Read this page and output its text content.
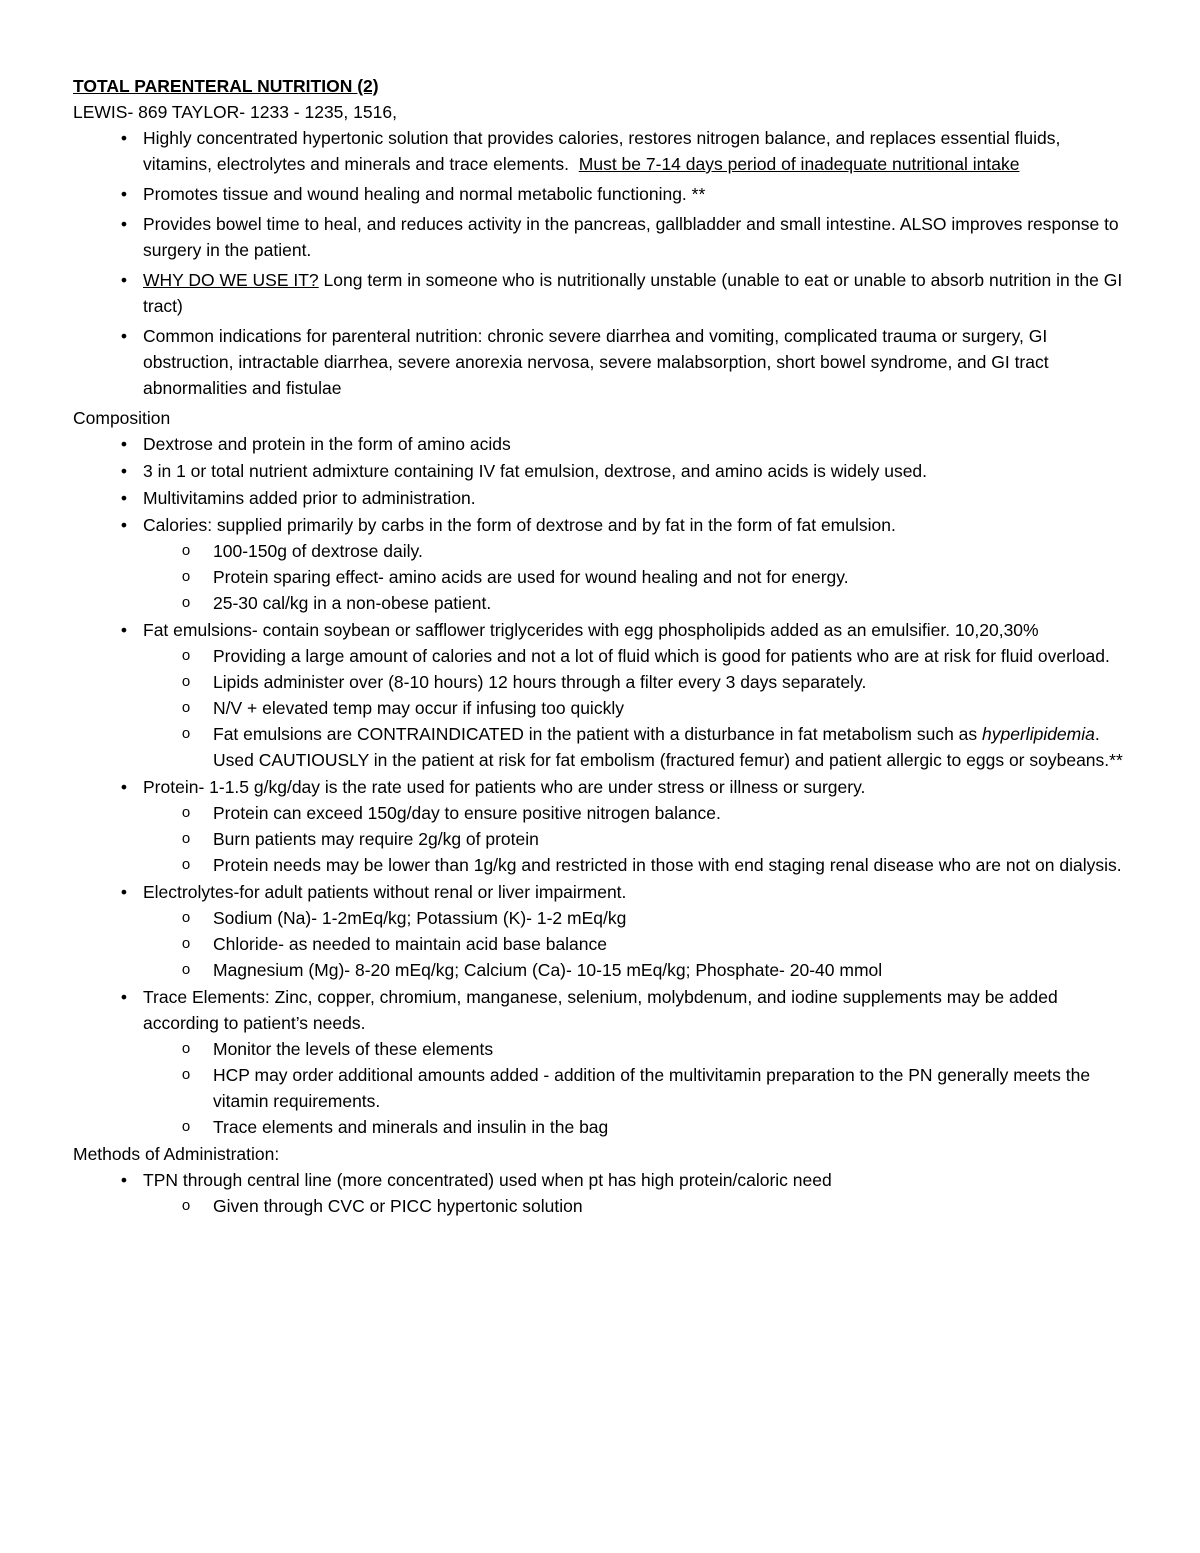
TOTAL PARENTERAL NUTRITION (2)
LEWIS- 869 TAYLOR- 1233 - 1235, 1516,
• Highly concentrated hypertonic solution that provides calories, restores nitrogen balance, and replaces essential fluids, vitamins, electrolytes and minerals and trace elements. Must be 7-14 days period of inadequate nutritional intake
• Promotes tissue and wound healing and normal metabolic functioning. **
• Provides bowel time to heal, and reduces activity in the pancreas, gallbladder and small intestine. ALSO improves response to surgery in the patient.
• WHY DO WE USE IT? Long term in someone who is nutritionally unstable (unable to eat or unable to absorb nutrition in the GI tract)
• Common indications for parenteral nutrition: chronic severe diarrhea and vomiting, complicated trauma or surgery, GI obstruction, intractable diarrhea, severe anorexia nervosa, severe malabsorption, short bowel syndrome, and GI tract abnormalities and fistulae
Composition
• Dextrose and protein in the form of amino acids
• 3 in 1 or total nutrient admixture containing IV fat emulsion, dextrose, and amino acids is widely used.
• Multivitamins added prior to administration.
• Calories: supplied primarily by carbs in the form of dextrose and by fat in the form of fat emulsion.
o 100-150g of dextrose daily.
o Protein sparing effect- amino acids are used for wound healing and not for energy.
o 25-30 cal/kg in a non-obese patient.
• Fat emulsions- contain soybean or safflower triglycerides with egg phospholipids added as an emulsifier. 10,20,30%
o Providing a large amount of calories and not a lot of fluid which is good for patients who are at risk for fluid overload.
o Lipids administer over (8-10 hours) 12 hours through a filter every 3 days separately.
o N/V + elevated temp may occur if infusing too quickly
o Fat emulsions are CONTRAINDICATED in the patient with a disturbance in fat metabolism such as hyperlipidemia. Used CAUTIOUSLY in the patient at risk for fat embolism (fractured femur) and patient allergic to eggs or soybeans.**
• Protein- 1-1.5 g/kg/day is the rate used for patients who are under stress or illness or surgery.
o Protein can exceed 150g/day to ensure positive nitrogen balance.
o Burn patients may require 2g/kg of protein
o Protein needs may be lower than 1g/kg and restricted in those with end staging renal disease who are not on dialysis.
• Electrolytes-for adult patients without renal or liver impairment.
o Sodium (Na)- 1-2mEq/kg; Potassium (K)- 1-2 mEq/kg
o Chloride- as needed to maintain acid base balance
o Magnesium (Mg)- 8-20 mEq/kg; Calcium (Ca)- 10-15 mEq/kg; Phosphate- 20-40 mmol
• Trace Elements: Zinc, copper, chromium, manganese, selenium, molybdenum, and iodine supplements may be added according to patient’s needs.
o Monitor the levels of these elements
o HCP may order additional amounts added - addition of the multivitamin preparation to the PN generally meets the vitamin requirements.
o Trace elements and minerals and insulin in the bag
Methods of Administration:
• TPN through central line (more concentrated) used when pt has high protein/caloric need
o Given through CVC or PICC hypertonic solution
